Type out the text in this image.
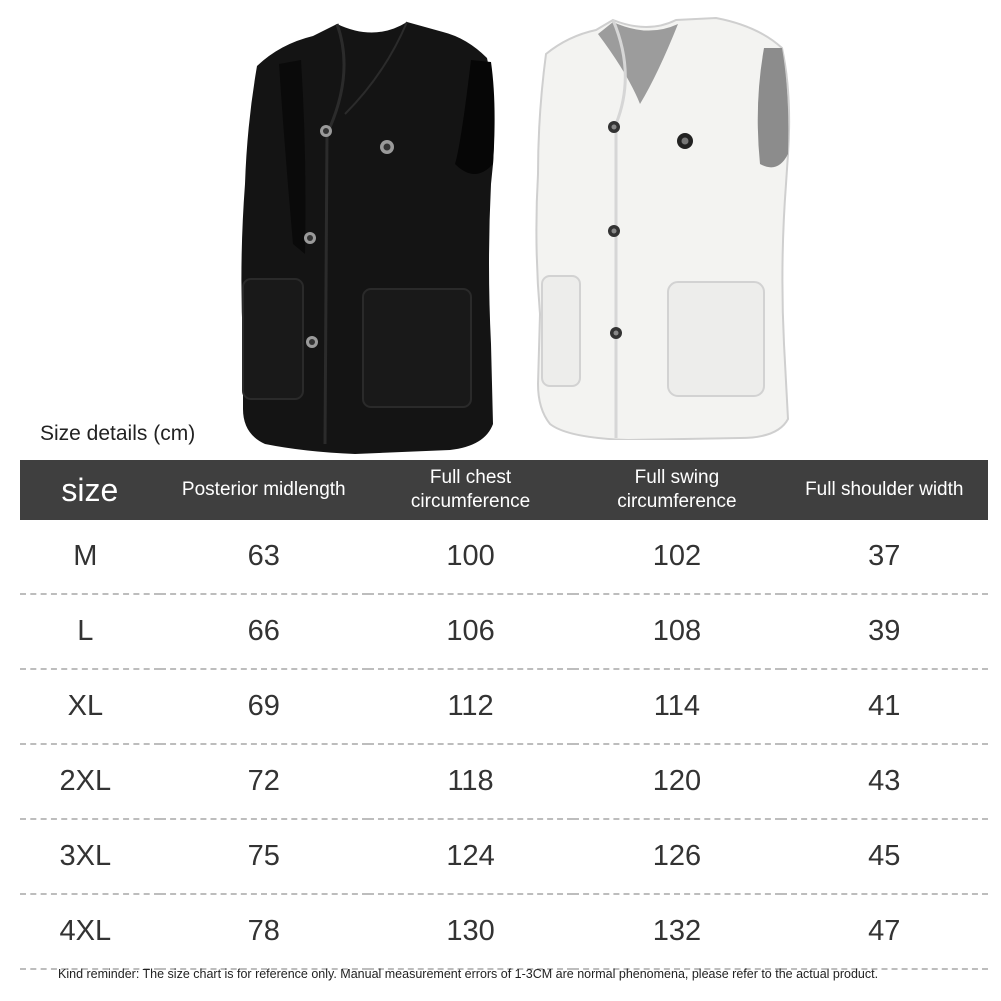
Size details (cm)
size	Posterior midlength	Full chest circumference	Full swing circumference	Full shoulder width
M	63	100	102	37
L	66	106	108	39
XL	69	112	114	41
2XL	72	118	120	43
3XL	75	124	126	45
4XL	78	130	132	47
Kind reminder: The size chart is for reference only. Manual measurement errors of 1-3CM are normal phenomena, please refer to the actual product.
